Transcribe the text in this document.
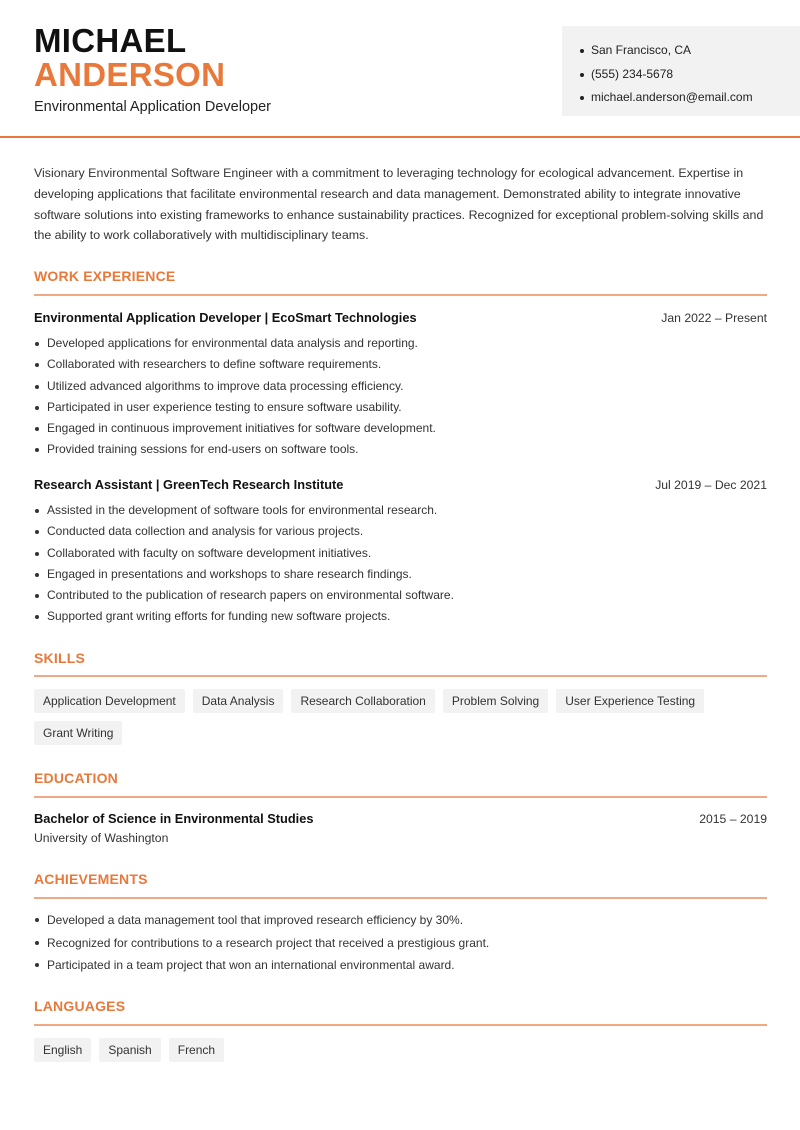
MICHAEL
ANDERSON
Environmental Application Developer
San Francisco, CA
(555) 234-5678
michael.anderson@email.com

Visionary Environmental Software Engineer with a commitment to leveraging technology for ecological advancement. Expertise in developing applications that facilitate environmental research and data management. Demonstrated ability to integrate innovative software solutions into existing frameworks to enhance sustainability practices. Recognized for exceptional problem-solving skills and the ability to work collaboratively with multidisciplinary teams.

WORK EXPERIENCE
Environmental Application Developer | EcoSmart Technologies	Jan 2022 – Present
Developed applications for environmental data analysis and reporting.
Collaborated with researchers to define software requirements.
Utilized advanced algorithms to improve data processing efficiency.
Participated in user experience testing to ensure software usability.
Engaged in continuous improvement initiatives for software development.
Provided training sessions for end-users on software tools.
Research Assistant | GreenTech Research Institute	Jul 2019 – Dec 2021
Assisted in the development of software tools for environmental research.
Conducted data collection and analysis for various projects.
Collaborated with faculty on software development initiatives.
Engaged in presentations and workshops to share research findings.
Contributed to the publication of research papers on environmental software.
Supported grant writing efforts for funding new software projects.
SKILLS
Application Development	Data Analysis	Research Collaboration	Problem Solving	User Experience Testing
Grant Writing
EDUCATION
Bachelor of Science in Environmental Studies	2015 – 2019
University of Washington
ACHIEVEMENTS
Developed a data management tool that improved research efficiency by 30%.
Recognized for contributions to a research project that received a prestigious grant.
Participated in a team project that won an international environmental award.
LANGUAGES
English	Spanish	French
